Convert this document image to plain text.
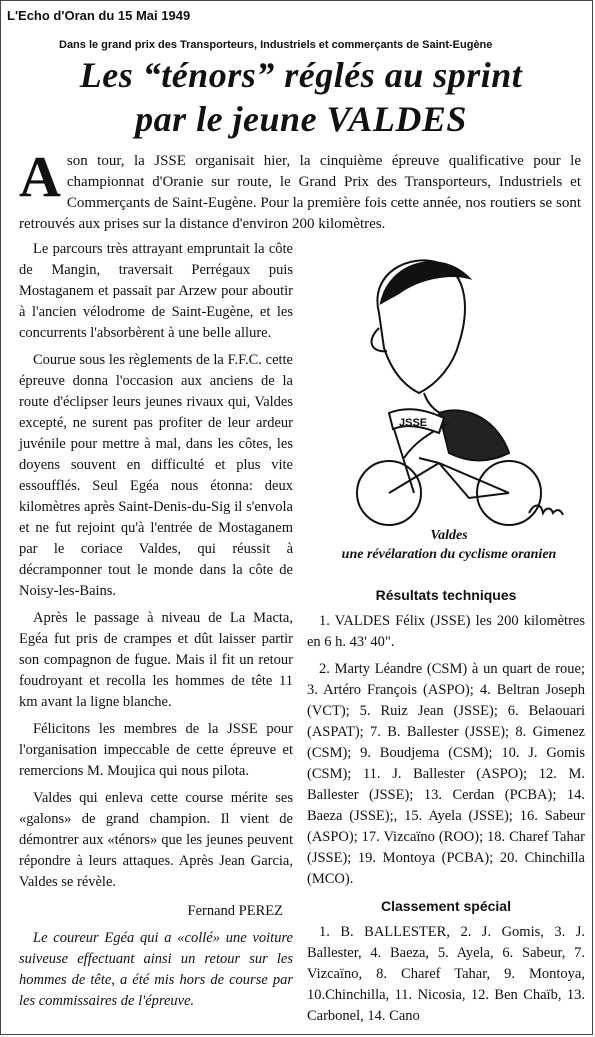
L'Echo d'Oran du 15 Mai 1949
Dans le grand prix des Transporteurs, Industriels et commerçants de Saint-Eugène
Les “ténors” réglés au sprint
par le jeune VALDES
Ason tour, la JSSE organisait hier, la cinquième épreuve qualificative pour le championnat d'Oranie sur route, le Grand Prix des Transporteurs, Industriels et Commerçants de Saint-Eugène. Pour la première fois cette année, nos routiers se sont retrouvés aux prises sur la distance d'environ 200 kilomètres.

Le parcours très attrayant empruntait la côte de Mangin, traversait Perrégaux puis Mostaganem et passait par Arzew pour aboutir à l'ancien vélodrome de Saint-Eugène, et les concurrents l'absorbèrent à une belle allure.

Courue sous les règlements de la F.F.C. cette épreuve donna l'occasion aux anciens de la route d'éclipser leurs jeunes rivaux qui, Valdes excepté, ne surent pas profiter de leur ardeur juvénile pour mettre à mal, dans les côtes, les doyens souvent en difficulté et plus vite essoufflés. Seul Egéa nous étonna: deux kilomètres après Saint-Denis-du-Sig il s'envola et ne fut rejoint qu'à l'entrée de Mostaganem par le coriace Valdes, qui réussit à décramponner tout le monde dans la côte de Noisy-les-Bains.

Après le passage à niveau de La Macta, Egéa fut pris de crampes et dût laisser partir son compagnon de fugue. Mais il fit un retour foudroyant et recolla les hommes de tête 11 km avant la ligne blanche.

Félicitons les membres de la JSSE pour l'organisation impeccable de cette épreuve et remercions M. Moujica qui nous pilota.

Valdes qui enleva cette course mérite ses «galons» de grand champion. Il vient de démontrer aux «ténors» que les jeunes peuvent répondre à leurs attaques. Après Jean Garcia, Valdes se révèle.

Fernand PEREZ

Le coureur Egéa qui a «collé» une voiture suiveuse effectuant ainsi un retour sur les hommes de tête, a été mis hors de course par les commissaires de l'épreuve.

JSSE
Valdes
une révélaration du cyclisme oranien
Résultats techniques

1. VALDES Félix (JSSE) les 200 kilomètres en 6 h. 43' 40".

2. Marty Léandre (CSM) à un quart de roue; 3. Artéro François (ASPO); 4. Beltran Joseph (VCT); 5. Ruiz Jean (JSSE); 6. Belaouari (ASPAT); 7. B. Ballester (JSSE); 8. Gimenez (CSM); 9. Boudjema (CSM); 10. J. Gomis (CSM); 11. J. Ballester (ASPO); 12. M. Ballester (JSSE); 13. Cerdan (PCBA); 14. Baeza (JSSE);, 15. Ayela (JSSE); 16. Sabeur (ASPO); 17. Vizcaïno (ROO); 18. Charef Tahar (JSSE); 19. Montoya (PCBA); 20. Chinchilla (MCO).

Classement spécial

1. B. BALLESTER, 2. J. Gomis, 3. J. Ballester, 4. Baeza, 5. Ayela, 6. Sabeur, 7. Vizcaïno, 8. Charef Tahar, 9. Montoya, 10.Chinchilla, 11. Nicosia, 12. Ben Chaïb, 13. Carbonel, 14. Cano
